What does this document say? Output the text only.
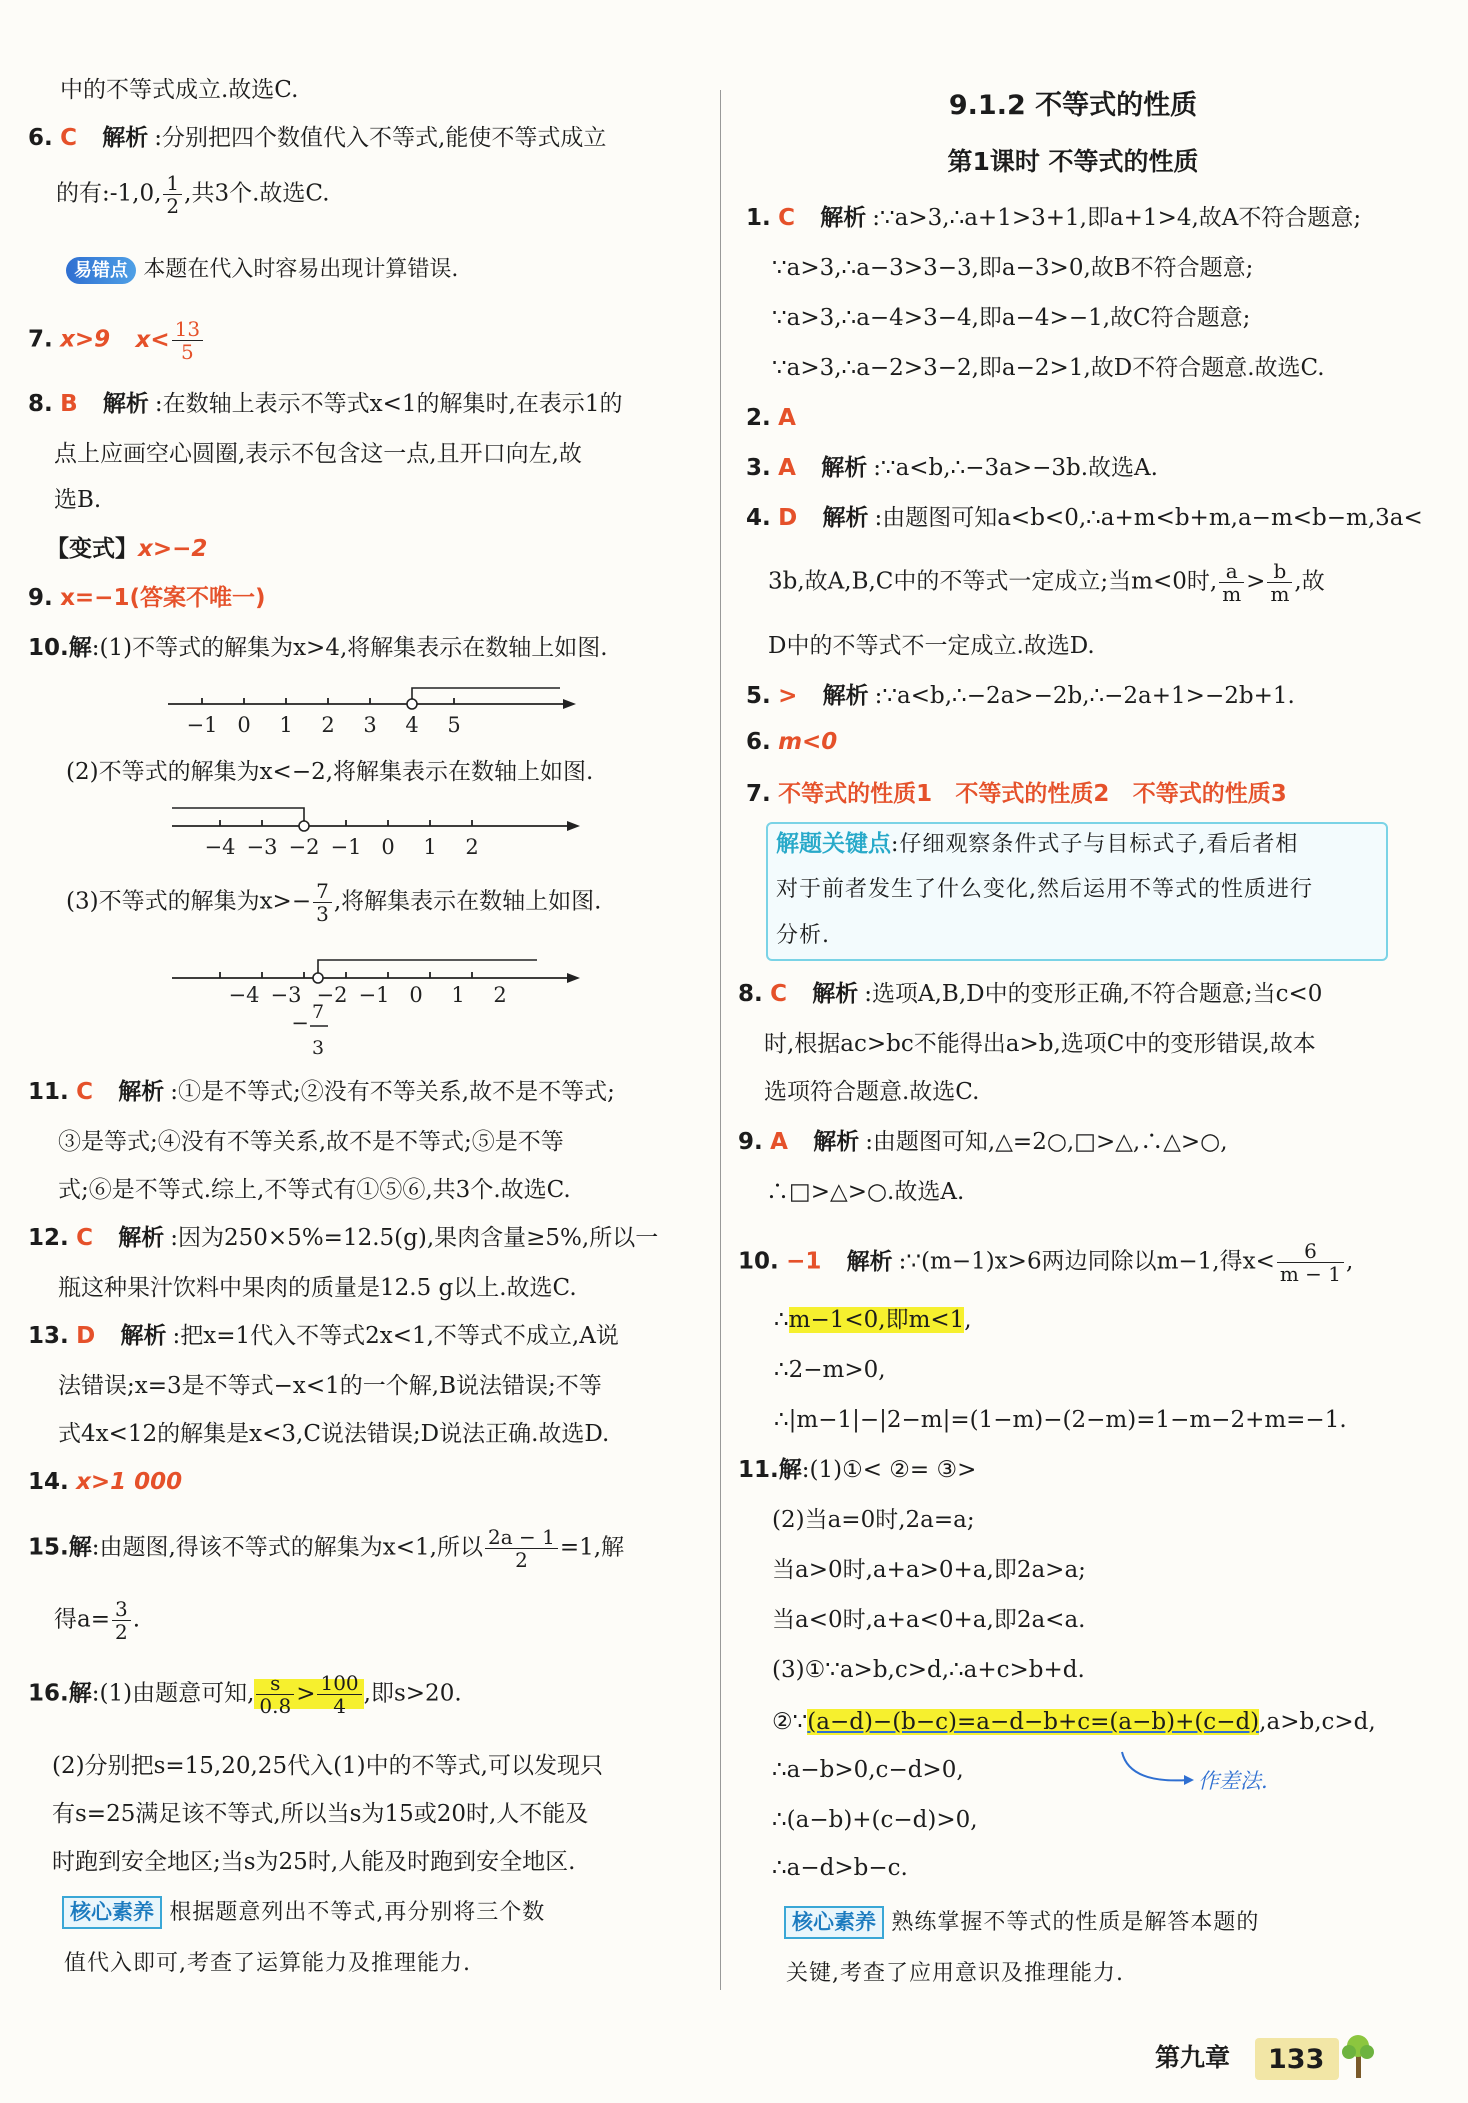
中的不等式成立.故选C.
6. C 解析 :分别把四个数值代入不等式,能使不等式成立
的有:-1,0, $\frac{1}{2}$ ,共3个.故选C.
易错点 本题在代入时容易出现计算错误.
7. x>9 $x< \frac{13}{5}$
8. B 解析 :在数轴上表示不等式x<1的解集时,在表示1的
点上应画空心圆圈,表示不包含这一点,且开口向左,故
选B.
【变式】x>−2
9. x=−1(答案不唯一)
10.解:(1)不等式的解集为x>4,将解集表示在数轴上如图.
−1 0 1 2 3 4 5
(2)不等式的解集为x<−2,将解集表示在数轴上如图.
−4 −3 −2 −1 0 1 2
(3)不等式的解集为$x>- \frac{7}{3}$ ,将解集表示在数轴上如图.
−4 −3 −2 −1 0 1 2
− 7
3
11. C 解析 :①是不等式;②没有不等关系,故不是不等式;
③是等式;④没有不等关系,故不是不等式;⑤是不等
式;⑥是不等式.综上,不等式有①⑤⑥,共3个.故选C.
12. C 解析 :因为250×5%=12.5(g),果肉含量≥5%,所以一
瓶这种果汁饮料中果肉的质量是12.5 g以上.故选C.
13. D 解析 :把x=1代入不等式2x<1,不等式不成立,A说
法错误;x=3是不等式−x<1的一个解,B说法错误;不等
式4x<12的解集是x<3,C说法错误;D说法正确.故选D.
14. x>1 000
15.解:由题图,得该不等式的解集为x<1,所以 $\frac{2a - 1}{2} =1$,解
得$a= \frac{3}{2}$ .
16.解:(1)由题意可知, $\frac{s}{0.8} > \frac{100}{4}$ ,即s>20.
(2)分别把s=15,20,25代入(1)中的不等式,可以发现只
有s=25满足该不等式,所以当s为15或20时,人不能及
时跑到安全地区;当s为25时,人能及时跑到安全地区.
核心素养 根据题意列出不等式,再分别将三个数
值代入即可,考查了运算能力及推理能力.
9.1.2 不等式的性质
第1课时 不等式的性质
1. C 解析 :∵a>3,∴a+1>3+1,即a+1>4,故A不符合题意;
∵a>3,∴a−3>3−3,即a−3>0,故B不符合题意;
∵a>3,∴a−4>3−4,即a−4>−1,故C符合题意;
∵a>3,∴a−2>3−2,即a−2>1,故D不符合题意.故选C.
2. A
3. A 解析 :∵a<b,∴−3a>−3b.故选A.
4. D 解析 :由题图可知a<b<0,∴a+m<b+m,a−m<b−m,3a<
3b,故A,B,C中的不等式一定成立;当m<0时, $\frac{a}{m} > \frac{b}{m}$ ,故
D中的不等式不一定成立.故选D.
5. > 解析 :∵a<b,∴−2a>−2b,∴−2a+1>−2b+1.
6. m<0
7. 不等式的性质1 不等式的性质2 不等式的性质3
解题关键点:仔细观察条件式子与目标式子,看后者相
对于前者发生了什么变化,然后运用不等式的性质进行
分析.
8. C 解析 :选项A,B,D中的变形正确,不符合题意;当c<0
时,根据ac>bc不能得出a>b,选项C中的变形错误,故本
选项符合题意.故选C.
9. A 解析 :由题图可知,△=2○,□>△,∴△>○,
∴□>△>○.故选A.
10. −1 解析 :∵(m−1)x>6两边同除以m−1,得$x< \frac{6}{m - 1}$ ,
∴m−1<0,即m<1,
∴2−m>0,
∴|m−1|−|2−m|=(1−m)−(2−m)=1−m−2+m=−1.
11.解:(1)①< ②= ③>
(2)当a=0时,2a=a;
当a>0时,a+a>0+a,即2a>a;
当a<0时,a+a<0+a,即2a<a.
(3)①∵a>b,c>d,∴a+c>b+d.
②∵(a−d)−(b−c)=a−d−b+c=(a−b)+(c−d),a>b,c>d,
∴a−b>0,c−d>0,	作差法.
∴(a−b)+(c−d)>0,
∴a−d>b−c.
核心素养 熟练掌握不等式的性质是解答本题的
关键,考查了应用意识及推理能力.
第九章 133
